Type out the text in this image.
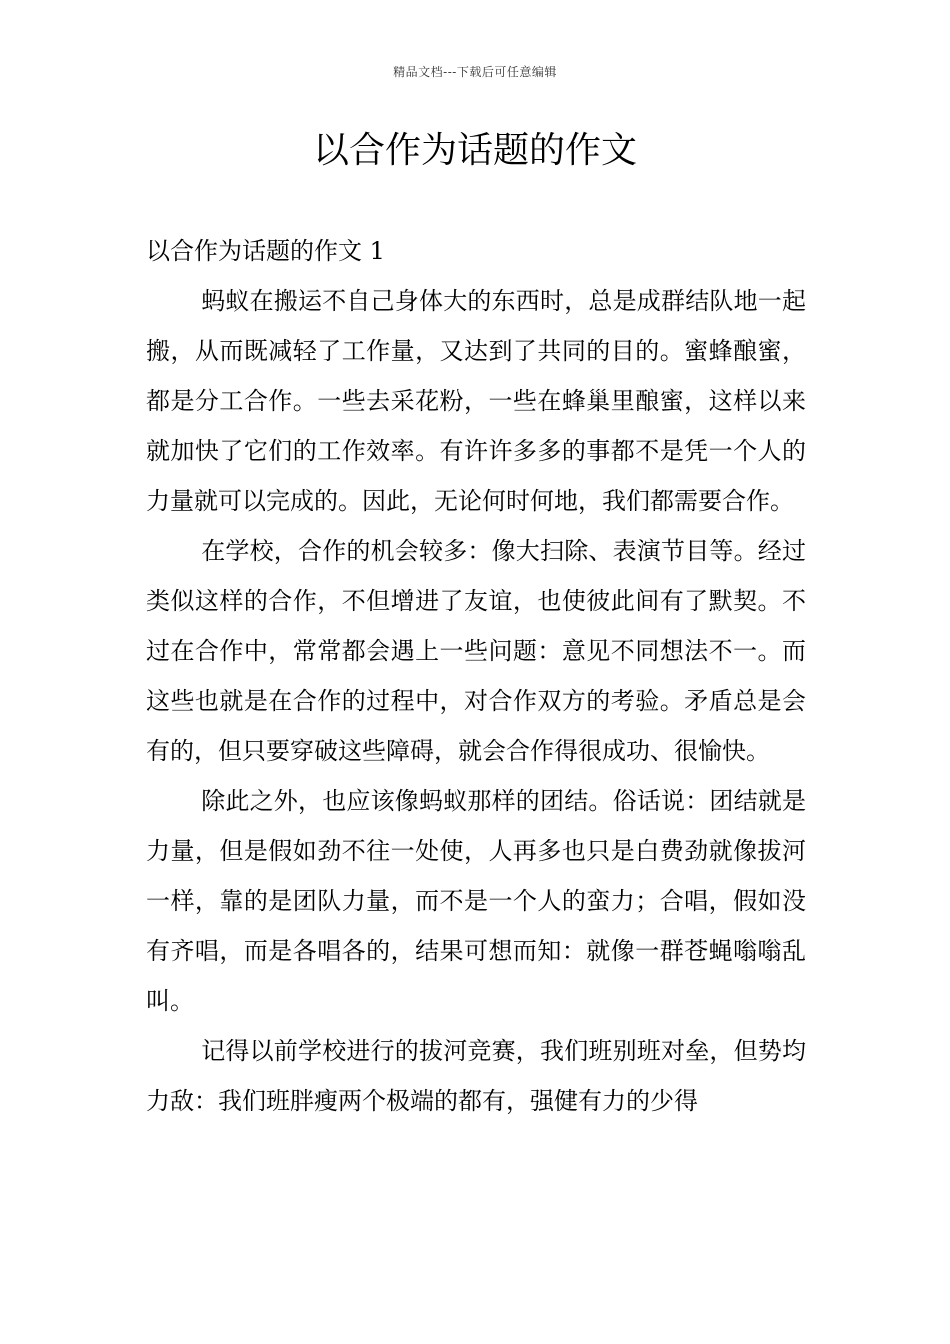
精品文档---下载后可任意编辑
以合作为话题的作文

以合作为话题的作文 1

蚂蚁在搬运不自己身体大的东西时，总是成群结队地一起搬，从而既减轻了工作量，又达到了共同的目的。蜜蜂酿蜜，都是分工合作。一些去采花粉，一些在蜂巢里酿蜜，这样以来就加快了它们的工作效率。有许许多多的事都不是凭一个人的力量就可以完成的。因此，无论何时何地，我们都需要合作。

在学校，合作的机会较多：像大扫除、表演节目等。经过类似这样的合作，不但增进了友谊，也使彼此间有了默契。不过在合作中，常常都会遇上一些问题：意见不同想法不一。而这些也就是在合作的过程中，对合作双方的考验。矛盾总是会有的，但只要穿破这些障碍，就会合作得很成功、很愉快。

除此之外，也应该像蚂蚁那样的团结。俗话说：团结就是力量，但是假如劲不往一处使，人再多也只是白费劲就像拔河一样，靠的是团队力量，而不是一个人的蛮力；合唱，假如没有齐唱，而是各唱各的，结果可想而知：就像一群苍蝇嗡嗡乱叫。

记得以前学校进行的拔河竞赛，我们班别班对垒，但势均力敌：我们班胖瘦两个极端的都有，强健有力的少得
